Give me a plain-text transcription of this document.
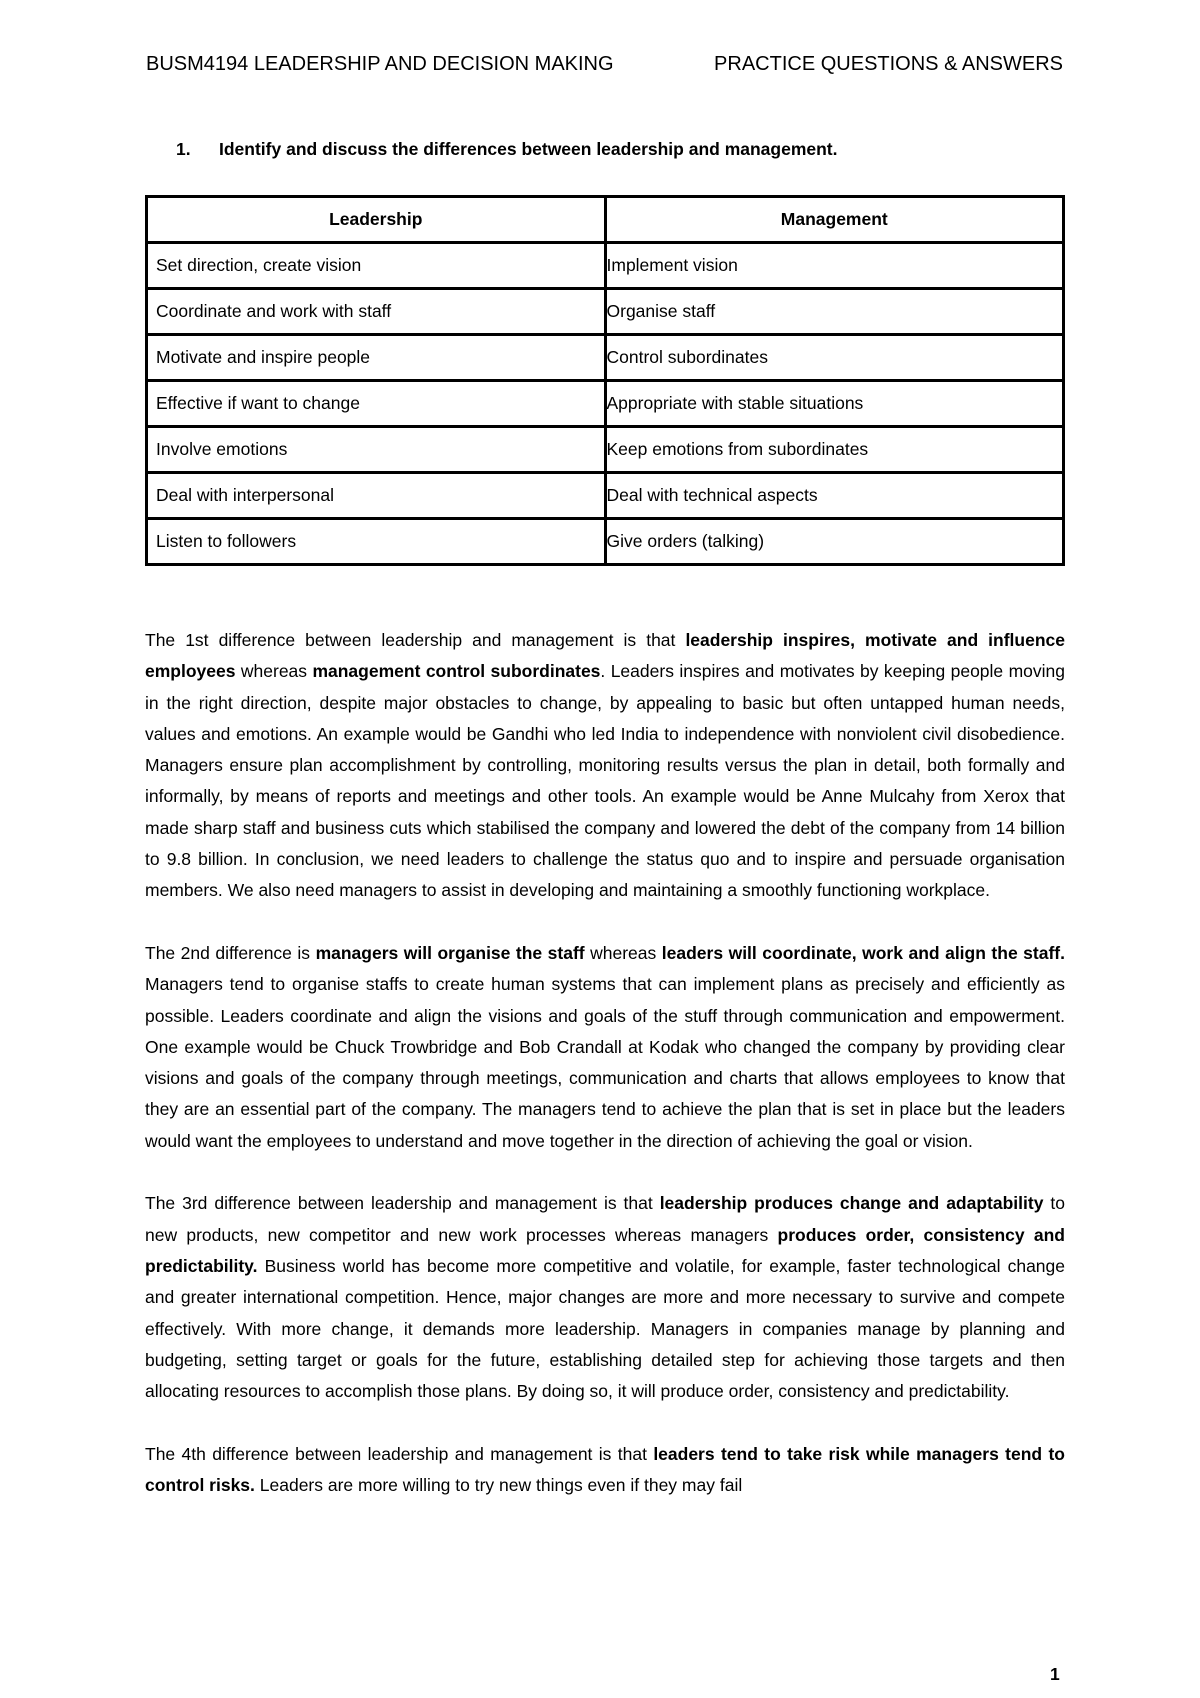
BUSM4194 LEADERSHIP AND DECISION MAKING	PRACTICE QUESTIONS & ANSWERS
1. Identify and discuss the differences between leadership and management.
Leadership	Management
Set direction, create vision	Implement vision
Coordinate and work with staff	Organise staff
Motivate and inspire people	Control subordinates
Effective if want to change	Appropriate with stable situations
Involve emotions	Keep emotions from subordinates
Deal with interpersonal	Deal with technical aspects
Listen to followers	Give orders (talking)

The 1st difference between leadership and management is that leadership inspires, motivate and influence employees whereas management control subordinates. Leaders inspires and motivates by keeping people moving in the right direction, despite major obstacles to change, by appealing to basic but often untapped human needs, values and emotions. An example would be Gandhi who led India to independence with nonviolent civil disobedience. Managers ensure plan accomplishment by controlling, monitoring results versus the plan in detail, both formally and informally, by means of reports and meetings and other tools. An example would be Anne Mulcahy from Xerox that made sharp staff and business cuts which stabilised the company and lowered the debt of the company from 14 billion to 9.8 billion. In conclusion, we need leaders to challenge the status quo and to inspire and persuade organisation members. We also need managers to assist in developing and maintaining a smoothly functioning workplace.

The 2nd difference is managers will organise the staff whereas leaders will coordinate, work and align the staff. Managers tend to organise staffs to create human systems that can implement plans as precisely and efficiently as possible. Leaders coordinate and align the visions and goals of the stuff through communication and empowerment. One example would be Chuck Trowbridge and Bob Crandall at Kodak who changed the company by providing clear visions and goals of the company through meetings, communication and charts that allows employees to know that they are an essential part of the company. The managers tend to achieve the plan that is set in place but the leaders would want the employees to understand and move together in the direction of achieving the goal or vision.

The 3rd difference between leadership and management is that leadership produces change and adaptability to new products, new competitor and new work processes whereas managers produces order, consistency and predictability. Business world has become more competitive and volatile, for example, faster technological change and greater international competition. Hence, major changes are more and more necessary to survive and compete effectively. With more change, it demands more leadership. Managers in companies manage by planning and budgeting, setting target or goals for the future, establishing detailed step for achieving those targets and then allocating resources to accomplish those plans. By doing so, it will produce order, consistency and predictability.

The 4th difference between leadership and management is that leaders tend to take risk while managers tend to control risks. Leaders are more willing to try new things even if they may fail

1
